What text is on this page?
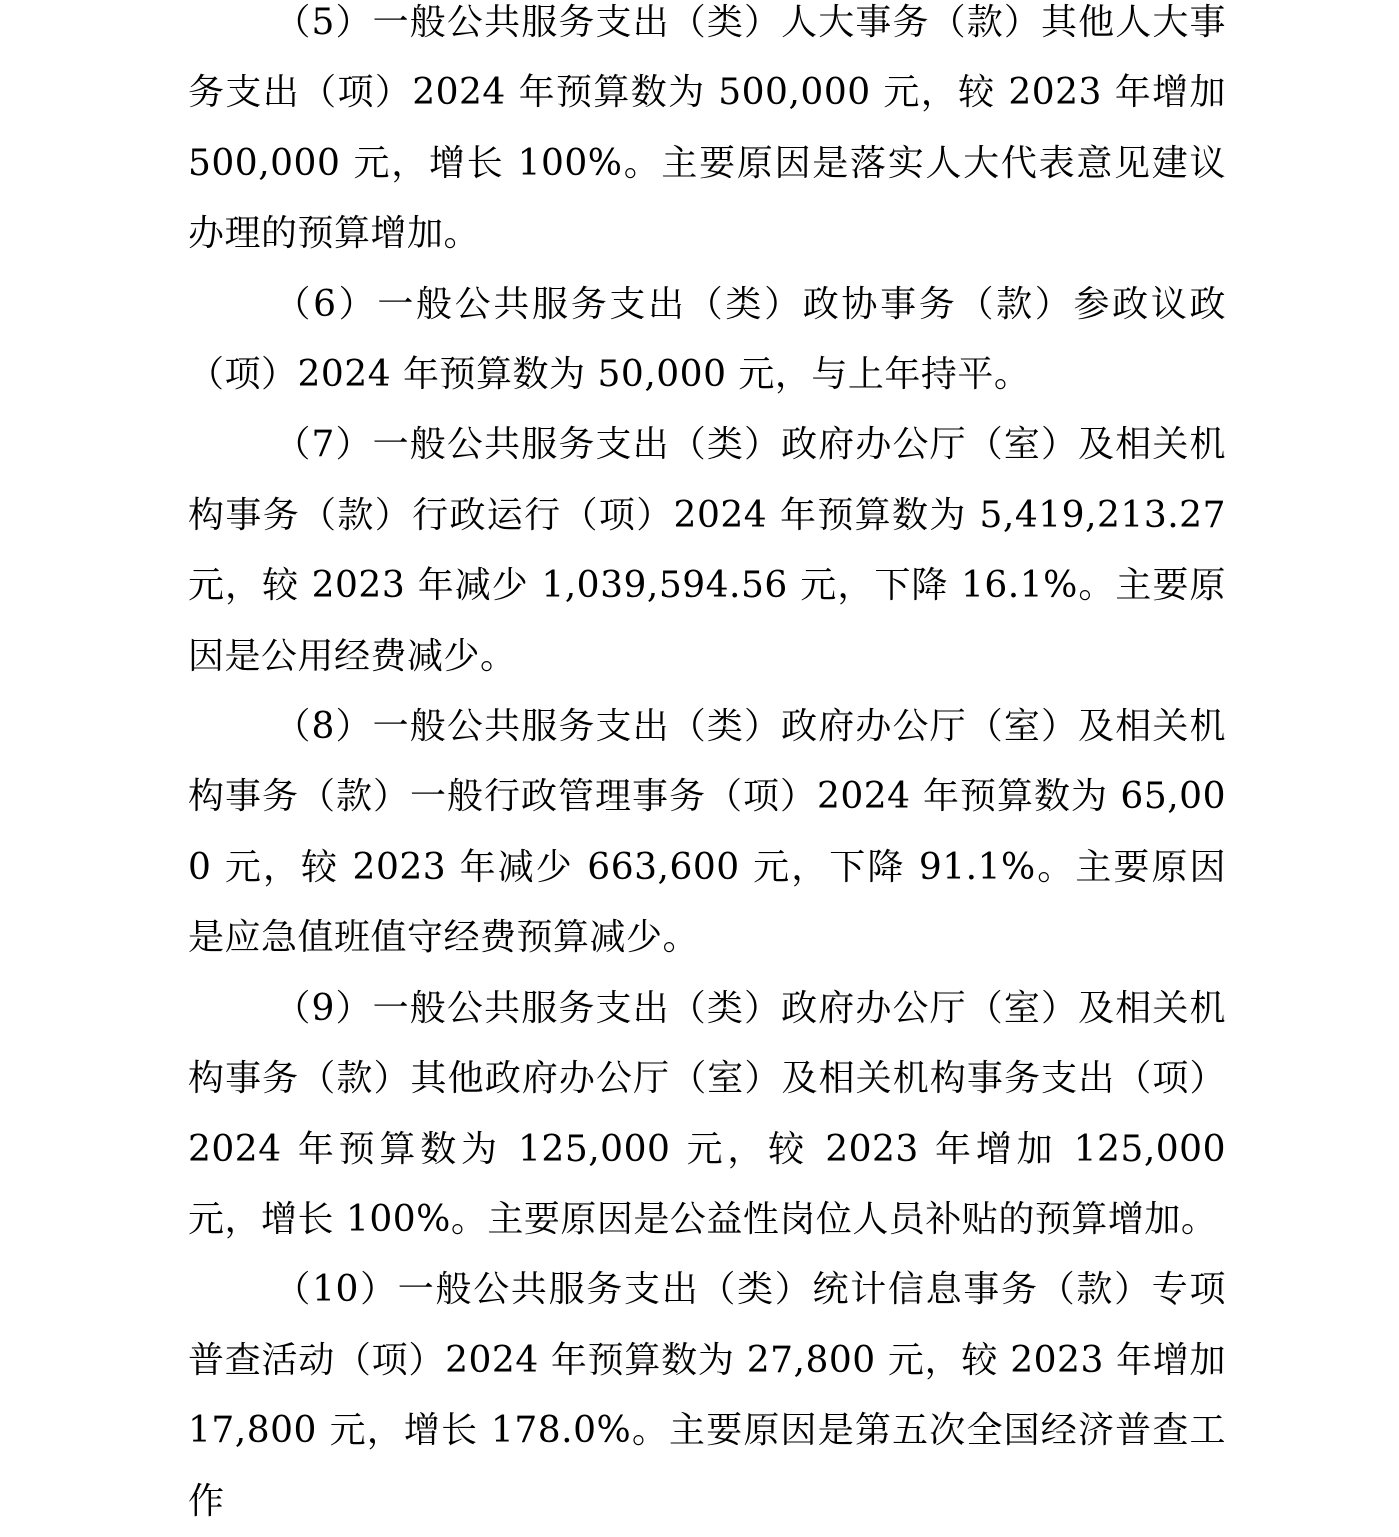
（5）一般公共服务支出（类）人大事务（款）其他人大事务支出（项）2024 年预算数为 500,000 元，较 2023 年增加 500,000 元，增长 100%。主要原因是落实人大代表意见建议办理的预算增加。

（6）一般公共服务支出（类）政协事务（款）参政议政（项）2024 年预算数为 50,000 元，与上年持平。

（7）一般公共服务支出（类）政府办公厅（室）及相关机构事务（款）行政运行（项）2024 年预算数为 5,419,213.27 元，较 2023 年减少 1,039,594.56 元，下降 16.1%。主要原因是公用经费减少。

（8）一般公共服务支出（类）政府办公厅（室）及相关机构事务（款）一般行政管理事务（项）2024 年预算数为 65,000 元，较 2023 年减少 663,600 元，下降 91.1%。主要原因是应急值班值守经费预算减少。

（9）一般公共服务支出（类）政府办公厅（室）及相关机构事务（款）其他政府办公厅（室）及相关机构事务支出（项）2024 年预算数为 125,000 元，较 2023 年增加 125,000 元，增长 100%。主要原因是公益性岗位人员补贴的预算增加。

（10）一般公共服务支出（类）统计信息事务（款）专项普查活动（项）2024 年预算数为 27,800 元，较 2023 年增加 17,800 元，增长 178.0%。主要原因是第五次全国经济普查工作
